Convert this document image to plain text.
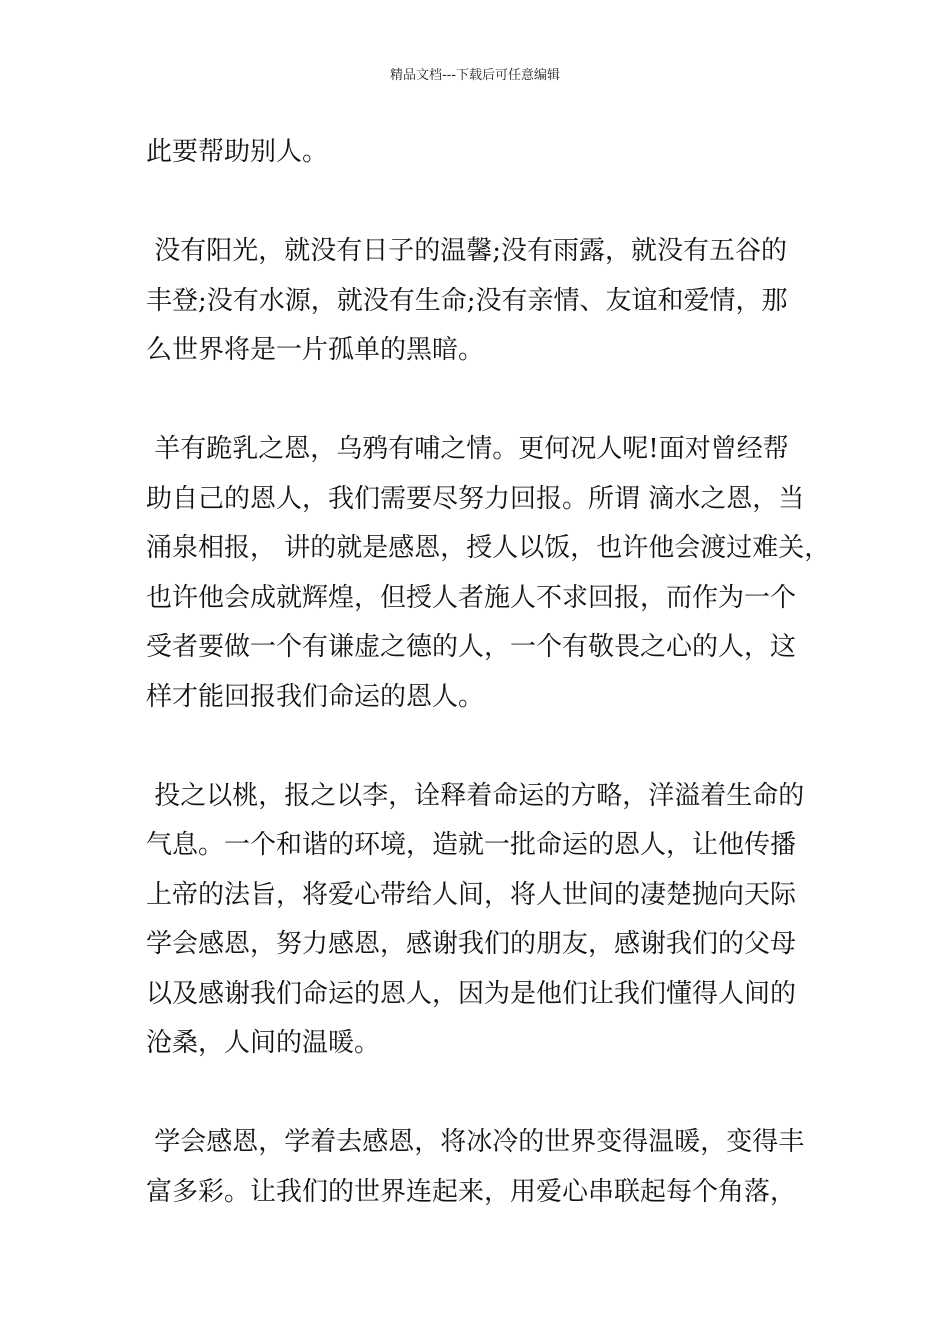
精品文档---下载后可任意编辑
此要帮助别人。
没有阳光，就没有日子的温馨;没有雨露，就没有五谷的
丰登;没有水源，就没有生命;没有亲情、友谊和爱情，那
么世界将是一片孤单的黑暗。
羊有跪乳之恩，乌鸦有哺之情。更何况人呢!面对曾经帮
助自己的恩人，我们需要尽努力回报。所谓 滴水之恩，当
涌泉相报， 讲的就是感恩，授人以饭，也许他会渡过难关，
也许他会成就辉煌，但授人者施人不求回报，而作为一个
受者要做一个有谦虚之德的人，一个有敬畏之心的人，这
样才能回报我们命运的恩人。
投之以桃，报之以李，诠释着命运的方略，洋溢着生命的
气息。一个和谐的环境，造就一批命运的恩人，让他传播
上帝的法旨，将爱心带给人间，将人世间的凄楚抛向天际
学会感恩，努力感恩，感谢我们的朋友，感谢我们的父母
以及感谢我们命运的恩人，因为是他们让我们懂得人间的
沧桑，人间的温暖。
学会感恩，学着去感恩，将冰冷的世界变得温暖，变得丰
富多彩。让我们的世界连起来，用爱心串联起每个角落，
